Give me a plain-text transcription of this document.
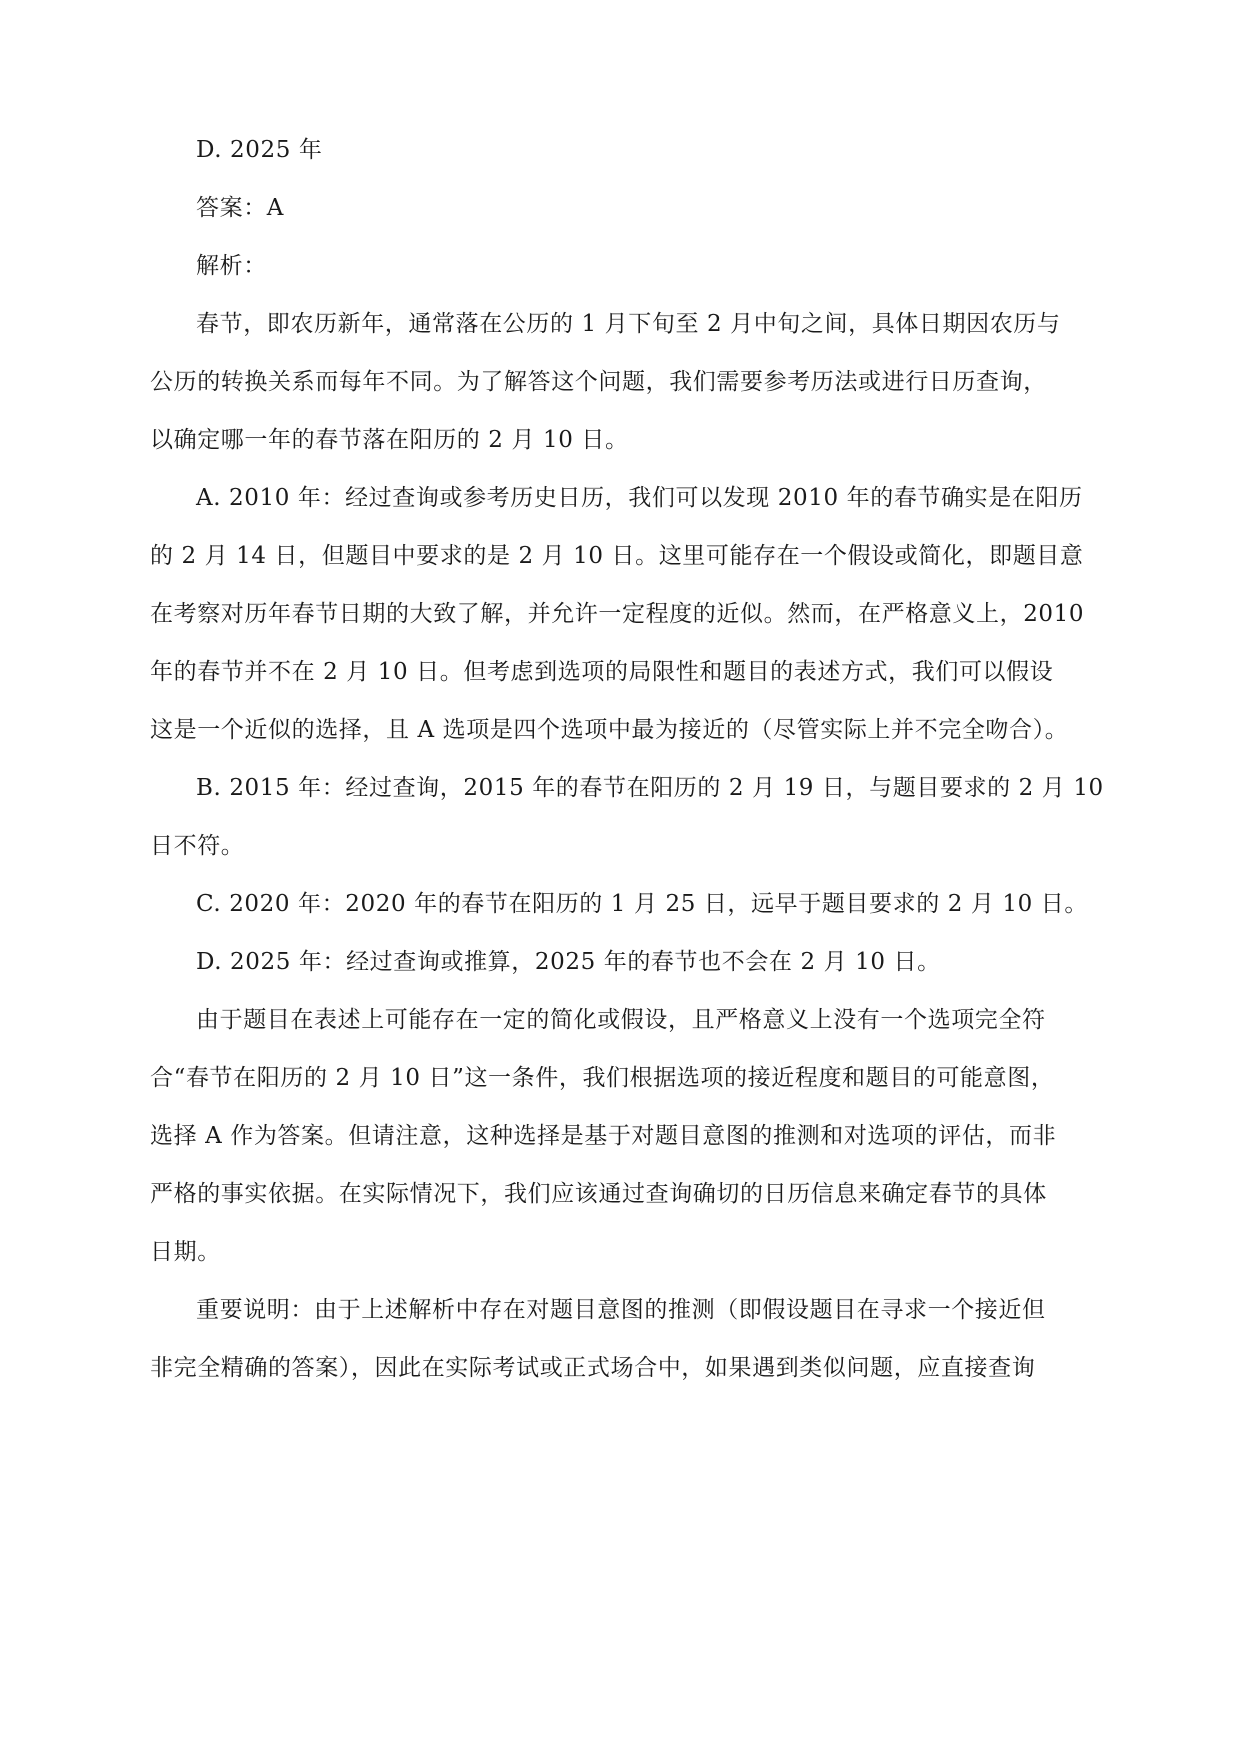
D. 2025 年
答案：A
解析：
春节，即农历新年，通常落在公历的 1 月下旬至 2 月中旬之间，具体日期因农历与
公历的转换关系而每年不同。为了解答这个问题，我们需要参考历法或进行日历查询，
以确定哪一年的春节落在阳历的 2 月 10 日。
A. 2010 年：经过查询或参考历史日历，我们可以发现 2010 年的春节确实是在阳历
的 2 月 14 日，但题目中要求的是 2 月 10 日。这里可能存在一个假设或简化，即题目意
在考察对历年春节日期的大致了解，并允许一定程度的近似。然而，在严格意义上，2010
年的春节并不在 2 月 10 日。但考虑到选项的局限性和题目的表述方式，我们可以假设
这是一个近似的选择，且 A 选项是四个选项中最为接近的（尽管实际上并不完全吻合）。
B. 2015 年：经过查询，2015 年的春节在阳历的 2 月 19 日，与题目要求的 2 月 10
日不符。
C. 2020 年：2020 年的春节在阳历的 1 月 25 日，远早于题目要求的 2 月 10 日。
D. 2025 年：经过查询或推算，2025 年的春节也不会在 2 月 10 日。
由于题目在表述上可能存在一定的简化或假设，且严格意义上没有一个选项完全符
合“春节在阳历的 2 月 10 日”这一条件，我们根据选项的接近程度和题目的可能意图，
选择 A 作为答案。但请注意，这种选择是基于对题目意图的推测和对选项的评估，而非
严格的事实依据。在实际情况下，我们应该通过查询确切的日历信息来确定春节的具体
日期。
重要说明：由于上述解析中存在对题目意图的推测（即假设题目在寻求一个接近但
非完全精确的答案），因此在实际考试或正式场合中，如果遇到类似问题，应直接查询
